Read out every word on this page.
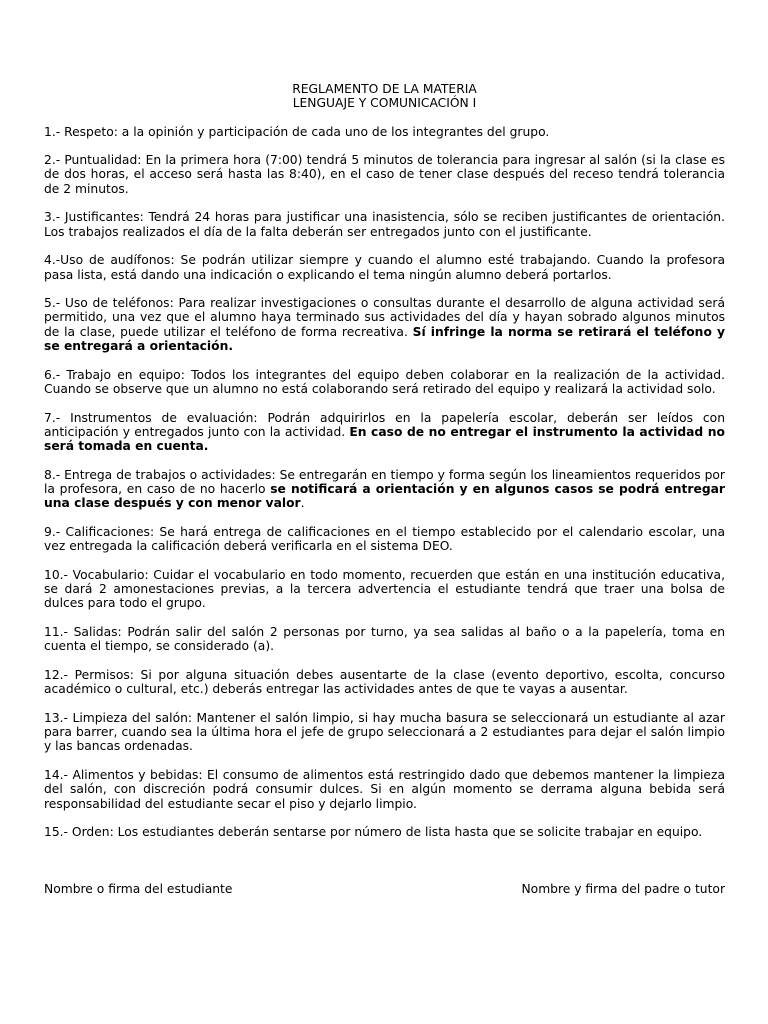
REGLAMENTO DE LA MATERIA
LENGUAJE Y COMUNICACIÓN I

1.- Respeto: a la opinión y participación de cada uno de los integrantes del grupo.

2.- Puntualidad: En la primera hora (7:00) tendrá 5 minutos de tolerancia para ingresar al salón (si la clase es de dos horas, el acceso será hasta las 8:40), en el caso de tener clase después del receso tendrá tolerancia de 2 minutos.

3.- Justificantes: Tendrá 24 horas para justificar una inasistencia, sólo se reciben justificantes de orientación. Los trabajos realizados el día de la falta deberán ser entregados junto con el justificante.

4.-Uso de audífonos: Se podrán utilizar siempre y cuando el alumno esté trabajando. Cuando la profesora pasa lista, está dando una indicación o explicando el tema ningún alumno deberá portarlos.

5.- Uso de teléfonos: Para realizar investigaciones o consultas durante el desarrollo de alguna actividad será permitido, una vez que el alumno haya terminado sus actividades del día y hayan sobrado algunos minutos de la clase, puede utilizar el teléfono de forma recreativa. Sí infringe la norma se retirará el teléfono y se entregará a orientación.

6.- Trabajo en equipo: Todos los integrantes del equipo deben colaborar en la realización de la actividad. Cuando se observe que un alumno no está colaborando será retirado del equipo y realizará la actividad solo.

7.- Instrumentos de evaluación: Podrán adquirirlos en la papelería escolar, deberán ser leídos con anticipación y entregados junto con la actividad. En caso de no entregar el instrumento la actividad no será tomada en cuenta.

8.- Entrega de trabajos o actividades: Se entregarán en tiempo y forma según los lineamientos requeridos por la profesora, en caso de no hacerlo se notificará a orientación y en algunos casos se podrá entregar una clase después y con menor valor.

9.- Calificaciones: Se hará entrega de calificaciones en el tiempo establecido por el calendario escolar, una vez entregada la calificación deberá verificarla en el sistema DEO.

10.- Vocabulario: Cuidar el vocabulario en todo momento, recuerden que están en una institución educativa, se dará 2 amonestaciones previas, a la tercera advertencia el estudiante tendrá que traer una bolsa de dulces para todo el grupo.

11.- Salidas: Podrán salir del salón 2 personas por turno, ya sea salidas al baño o a la papelería, toma en cuenta el tiempo, se considerado (a).

12.- Permisos: Si por alguna situación debes ausentarte de la clase (evento deportivo, escolta, concurso académico o cultural, etc.) deberás entregar las actividades antes de que te vayas a ausentar.

13.- Limpieza del salón: Mantener el salón limpio, si hay mucha basura se seleccionará un estudiante al azar para barrer, cuando sea la última hora el jefe de grupo seleccionará a 2 estudiantes para dejar el salón limpio y las bancas ordenadas.

14.- Alimentos y bebidas: El consumo de alimentos está restringido dado que debemos mantener la limpieza del salón, con discreción podrá consumir dulces. Si en algún momento se derrama alguna bebida será responsabilidad del estudiante secar el piso y dejarlo limpio.

15.- Orden: Los estudiantes deberán sentarse por número de lista hasta que se solicite trabajar en equipo.

Nombre o firma del estudiante	Nombre y firma del padre o tutor
